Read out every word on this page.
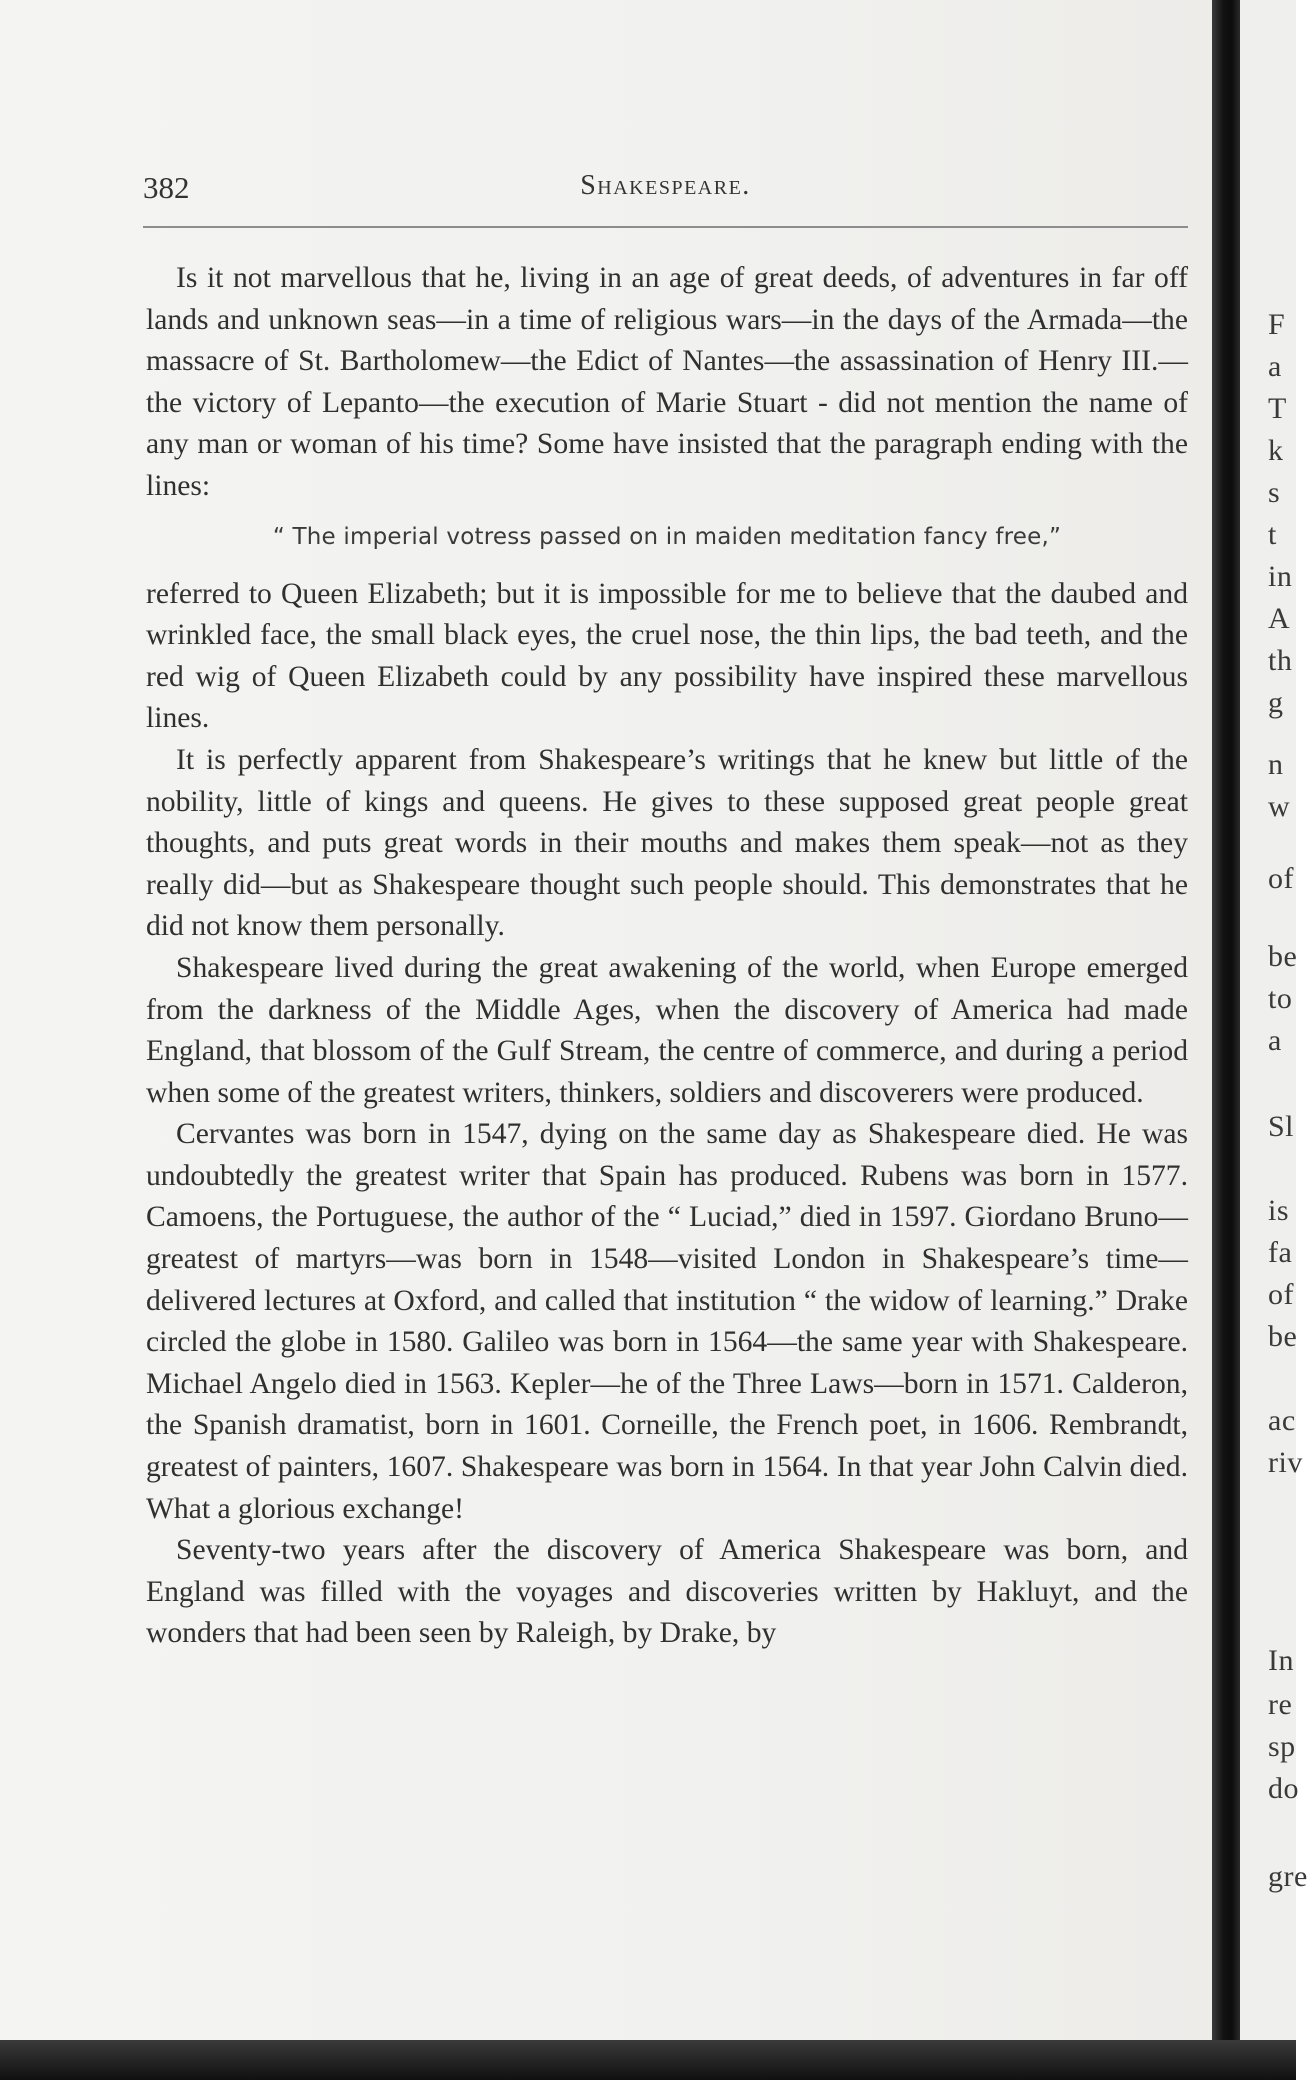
382	Shakespeare.

Is it not marvellous that he, living in an age of great deeds, of adventures in far off lands and unknown seas—in a time of religious wars—in the days of the Armada—the massacre of St. Bartholomew—the Edict of Nantes—the assassination of Henry III.—the victory of Lepanto—the execution of Marie Stuart - did not mention the name of any man or woman of his time? Some have insisted that the paragraph ending with the lines:

“ The imperial votress passed on in maiden meditation fancy free,”

referred to Queen Elizabeth; but it is impossible for me to believe that the daubed and wrinkled face, the small black eyes, the cruel nose, the thin lips, the bad teeth, and the red wig of Queen Elizabeth could by any possibility have inspired these marvellous lines.

It is perfectly apparent from Shakespeare’s writings that he knew but little of the nobility, little of kings and queens. He gives to these supposed great people great thoughts, and puts great words in their mouths and makes them speak—not as they really did—but as Shakespeare thought such people should. This demonstrates that he did not know them personally.

Shakespeare lived during the great awakening of the world, when Europe emerged from the darkness of the Middle Ages, when the discovery of America had made England, that blossom of the Gulf Stream, the centre of commerce, and during a period when some of the greatest writers, thinkers, soldiers and discoverers were produced.

Cervantes was born in 1547, dying on the same day as Shakespeare died. He was undoubtedly the greatest writer that Spain has produced. Rubens was born in 1577. Camoens, the Portuguese, the author of the “ Luciad,” died in 1597. Giordano Bruno—greatest of martyrs—was born in 1548—visited London in Shakespeare’s time—delivered lectures at Oxford, and called that institution “ the widow of learning.” Drake circled the globe in 1580. Galileo was born in 1564—the same year with Shakespeare. Michael Angelo died in 1563. Kepler—he of the Three Laws—born in 1571. Calderon, the Spanish dramatist, born in 1601. Corneille, the French poet, in 1606. Rembrandt, greatest of painters, 1607. Shakespeare was born in 1564. In that year John Calvin died. What a glorious exchange!

Seventy-two years after the discovery of America Shakespeare was born, and England was filled with the voyages and discoveries written by Hakluyt, and the wonders that had been seen by Raleigh, by Drake, by

F
a
T
k
s
t
in
A
th
g
n
w
of
be
to
a
Sl
is
fa
of
be
ac
riv
In
re
sp
do
gre
